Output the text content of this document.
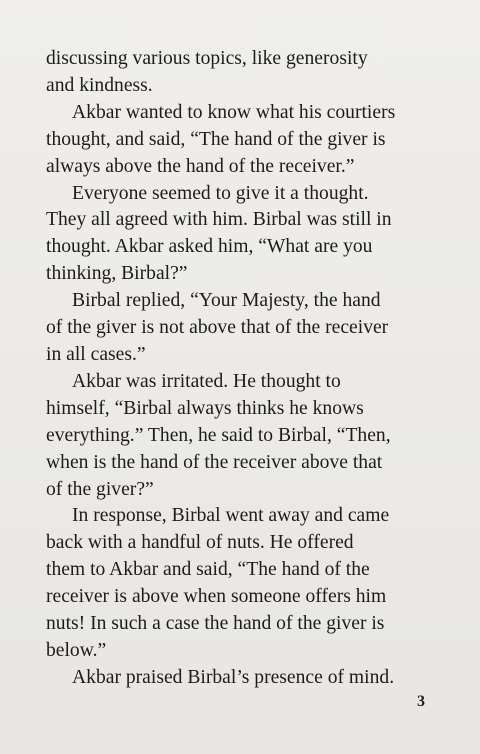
discussing various topics, like generosity
and kindness.

Akbar wanted to know what his courtiers
thought, and said, “The hand of the giver is
always above the hand of the receiver.”

Everyone seemed to give it a thought.
They all agreed with him. Birbal was still in
thought. Akbar asked him, “What are you
thinking, Birbal?”

Birbal replied, “Your Majesty, the hand
of the giver is not above that of the receiver
in all cases.”

Akbar was irritated. He thought to
himself, “Birbal always thinks he knows
everything.” Then, he said to Birbal, “Then,
when is the hand of the receiver above that
of the giver?”

In response, Birbal went away and came
back with a handful of nuts. He offered
them to Akbar and said, “The hand of the
receiver is above when someone offers him
nuts! In such a case the hand of the giver is
below.”

Akbar praised Birbal’s presence of mind.

3
